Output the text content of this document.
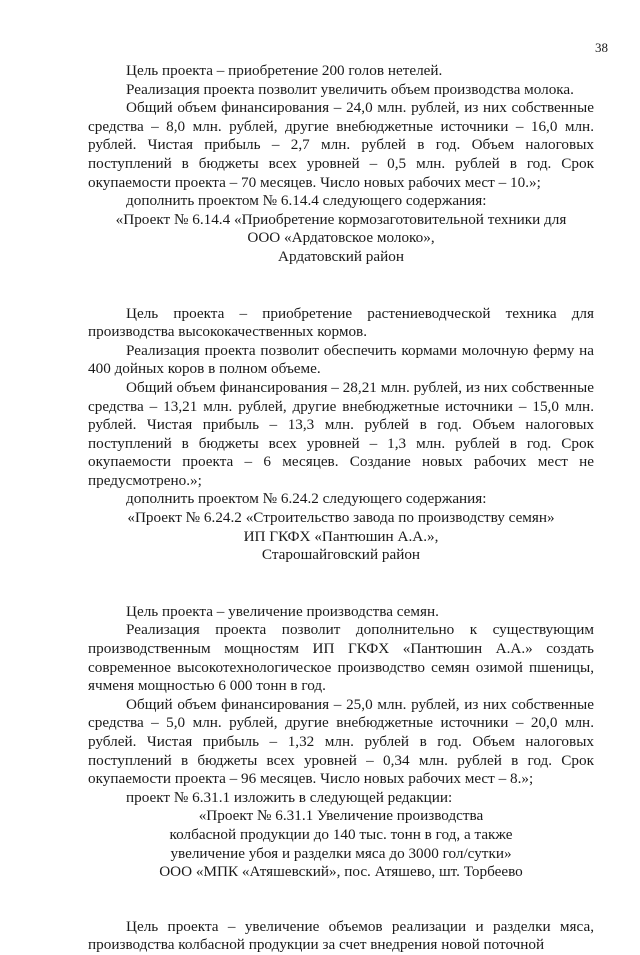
38

Цель проекта – приобретение 200 голов нетелей.

Реализация проекта позволит увеличить объем производства молока.

Общий объем финансирования – 24,0 млн. рублей, из них собственные средства – 8,0 млн. рублей, другие внебюджетные источники – 16,0 млн. рублей. Чистая прибыль – 2,7 млн. рублей в год. Объем налоговых поступлений в бюджеты всех уровней – 0,5 млн. рублей в год. Срок окупаемости проекта – 70 месяцев. Число новых рабочих мест – 10.»;

дополнить проектом № 6.14.4 следующего содержания:

«Проект № 6.14.4 «Приобретение кормозаготовительной техники для

ООО «Ардатовское молоко»,

Ардатовский район

Цель проекта – приобретение растениеводческой техника для производства высококачественных кормов.

Реализация проекта позволит обеспечить кормами молочную ферму на 400 дойных коров в полном объеме.

Общий объем финансирования – 28,21 млн. рублей, из них собственные средства – 13,21 млн. рублей, другие внебюджетные источники – 15,0 млн. рублей. Чистая прибыль – 13,3 млн. рублей в год. Объем налоговых поступлений в бюджеты всех уровней – 1,3 млн. рублей в год. Срок окупаемости проекта – 6 месяцев. Создание новых рабочих мест не предусмотрено.»;

дополнить проектом № 6.24.2 следующего содержания:

«Проект № 6.24.2 «Строительство завода по производству семян»

ИП ГКФХ «Пантюшин А.А.»,

Старошайговский район

Цель проекта – увеличение производства семян.

Реализация проекта позволит дополнительно к существующим производственным мощностям ИП ГКФХ «Пантюшин А.А.» создать современное высокотехнологическое производство семян озимой пшеницы, ячменя мощностью 6 000 тонн в год.

Общий объем финансирования – 25,0 млн. рублей, из них собственные средства – 5,0 млн. рублей, другие внебюджетные источники – 20,0 млн. рублей. Чистая прибыль – 1,32 млн. рублей в год. Объем налоговых поступлений в бюджеты всех уровней – 0,34 млн. рублей в год. Срок окупаемости проекта – 96 месяцев. Число новых рабочих мест – 8.»;

проект № 6.31.1 изложить в следующей редакции:

«Проект № 6.31.1 Увеличение производства

колбасной продукции до 140 тыс. тонн в год, а также

увеличение убоя и разделки мяса до 3000 гол/сутки»

ООО «МПК «Атяшевский», пос. Атяшево, шт. Торбеево

Цель проекта – увеличение объемов реализации и разделки мяса, производства колбасной продукции за счет внедрения новой поточной
